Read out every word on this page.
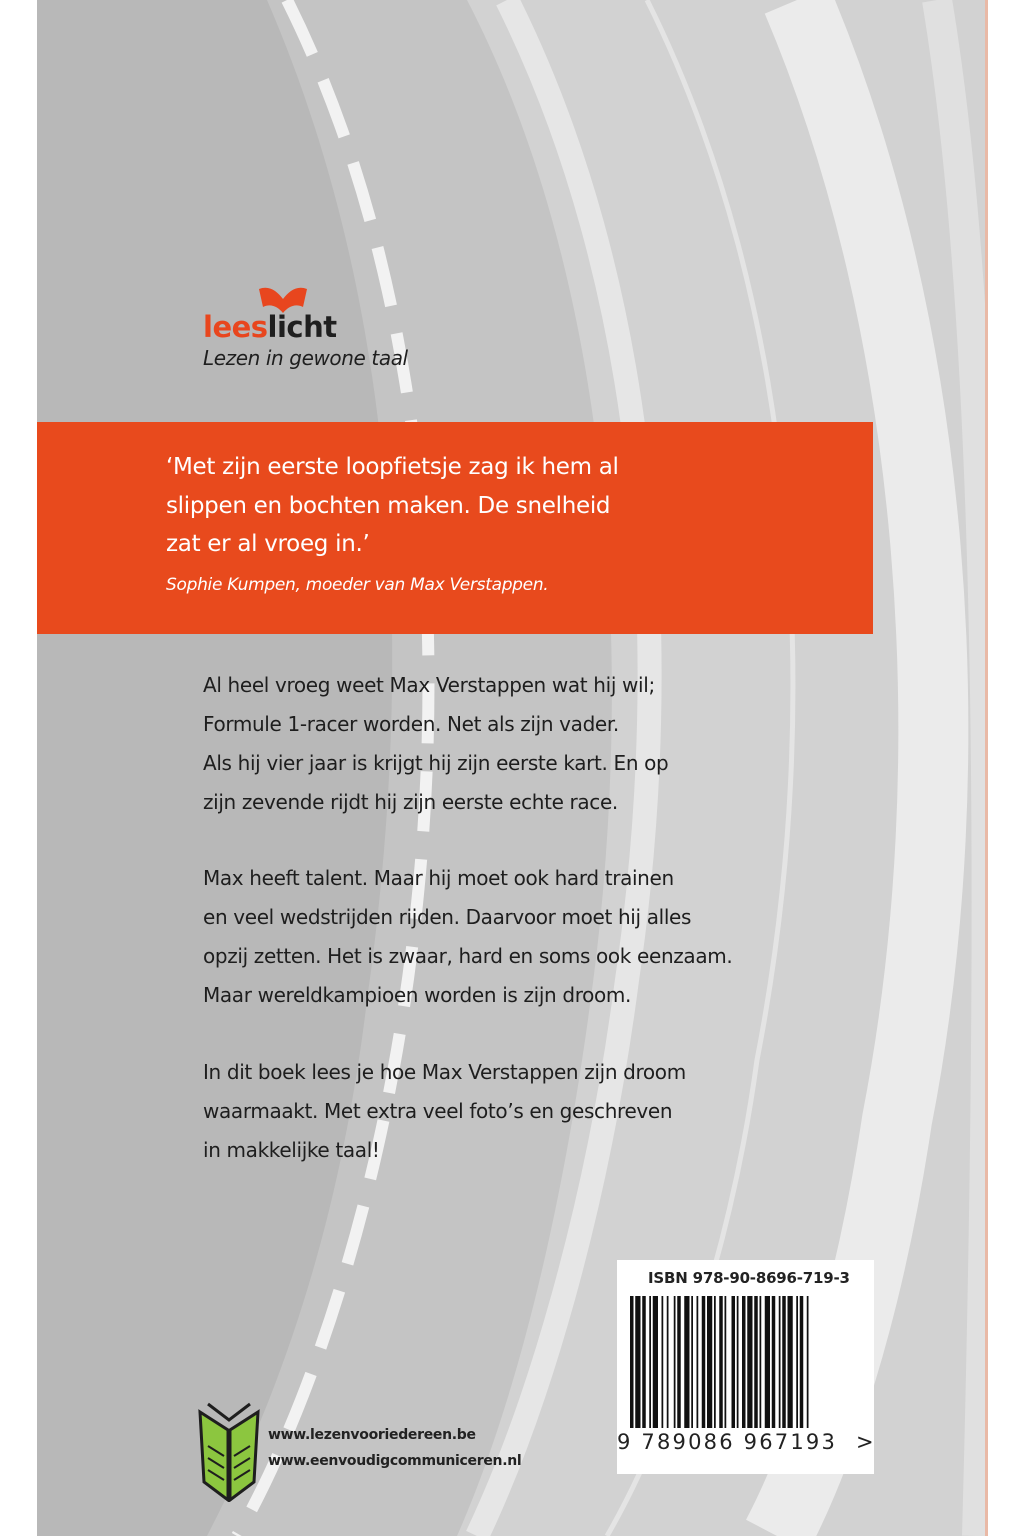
leeslicht
Lezen in gewone taal

‘Met zijn eerste loopfietsje zag ik hem al
slippen en bochten maken. De snelheid
zat er al vroeg in.’

Sophie Kumpen, moeder van Max Verstappen.

Al heel vroeg weet Max Verstappen wat hij wil;
Formule 1-racer worden. Net als zijn vader.
Als hij vier jaar is krijgt hij zijn eerste kart. En op
zijn zevende rijdt hij zijn eerste echte race.

Max heeft talent. Maar hij moet ook hard trainen
en veel wedstrijden rijden. Daarvoor moet hij alles
opzij zetten. Het is zwaar, hard en soms ook eenzaam.
Maar wereldkampioen worden is zijn droom.

In dit boek lees je hoe Max Verstappen zijn droom
waarmaakt. Met extra veel foto’s en geschreven
in makkelijke taal!

ISBN 978-90-8696-719-3
9 789086 967193 >
www.lezenvooriedereen.be
www.eenvoudigcommuniceren.nl
